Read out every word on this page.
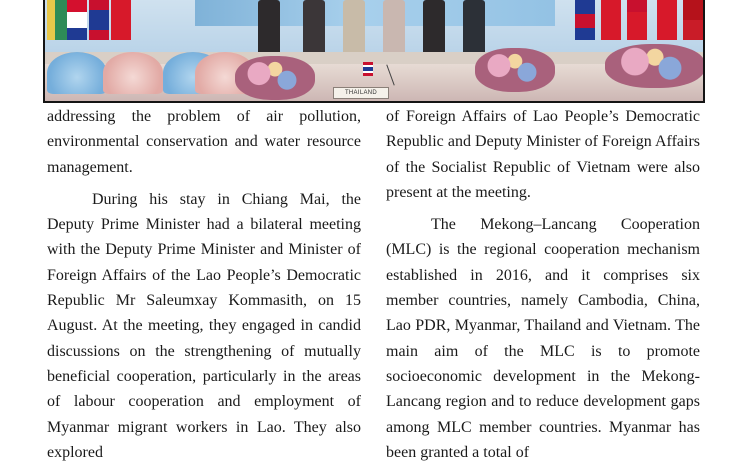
THAILAND

addressing the problem of air pollution, environmental conservation and water resource management.

During his stay in Chiang Mai, the Deputy Prime Minister had a bilateral meeting with the Deputy Prime Minister and Minister of Foreign Affairs of the Lao People’s Democratic Republic Mr Saleumxay Kommasith, on 15 August. At the meeting, they engaged in candid discussions on the strengthening of mutually beneficial cooperation, particularly in the areas of labour cooperation and employment of Myanmar migrant workers in Lao. They also explored

of Foreign Affairs of Lao People’s Democratic Republic and Deputy Minister of Foreign Affairs of the Socialist Republic of Vietnam were also present at the meeting.

The Mekong–Lancang Cooperation (MLC) is the regional cooperation mechanism established in 2016, and it comprises six member countries, namely Cambodia, China, Lao PDR, Myanmar, Thailand and Vietnam. The main aim of the MLC is to promote socioeconomic development in the Mekong-Lancang region and to reduce development gaps among MLC member countries. Myanmar has been granted a total of
